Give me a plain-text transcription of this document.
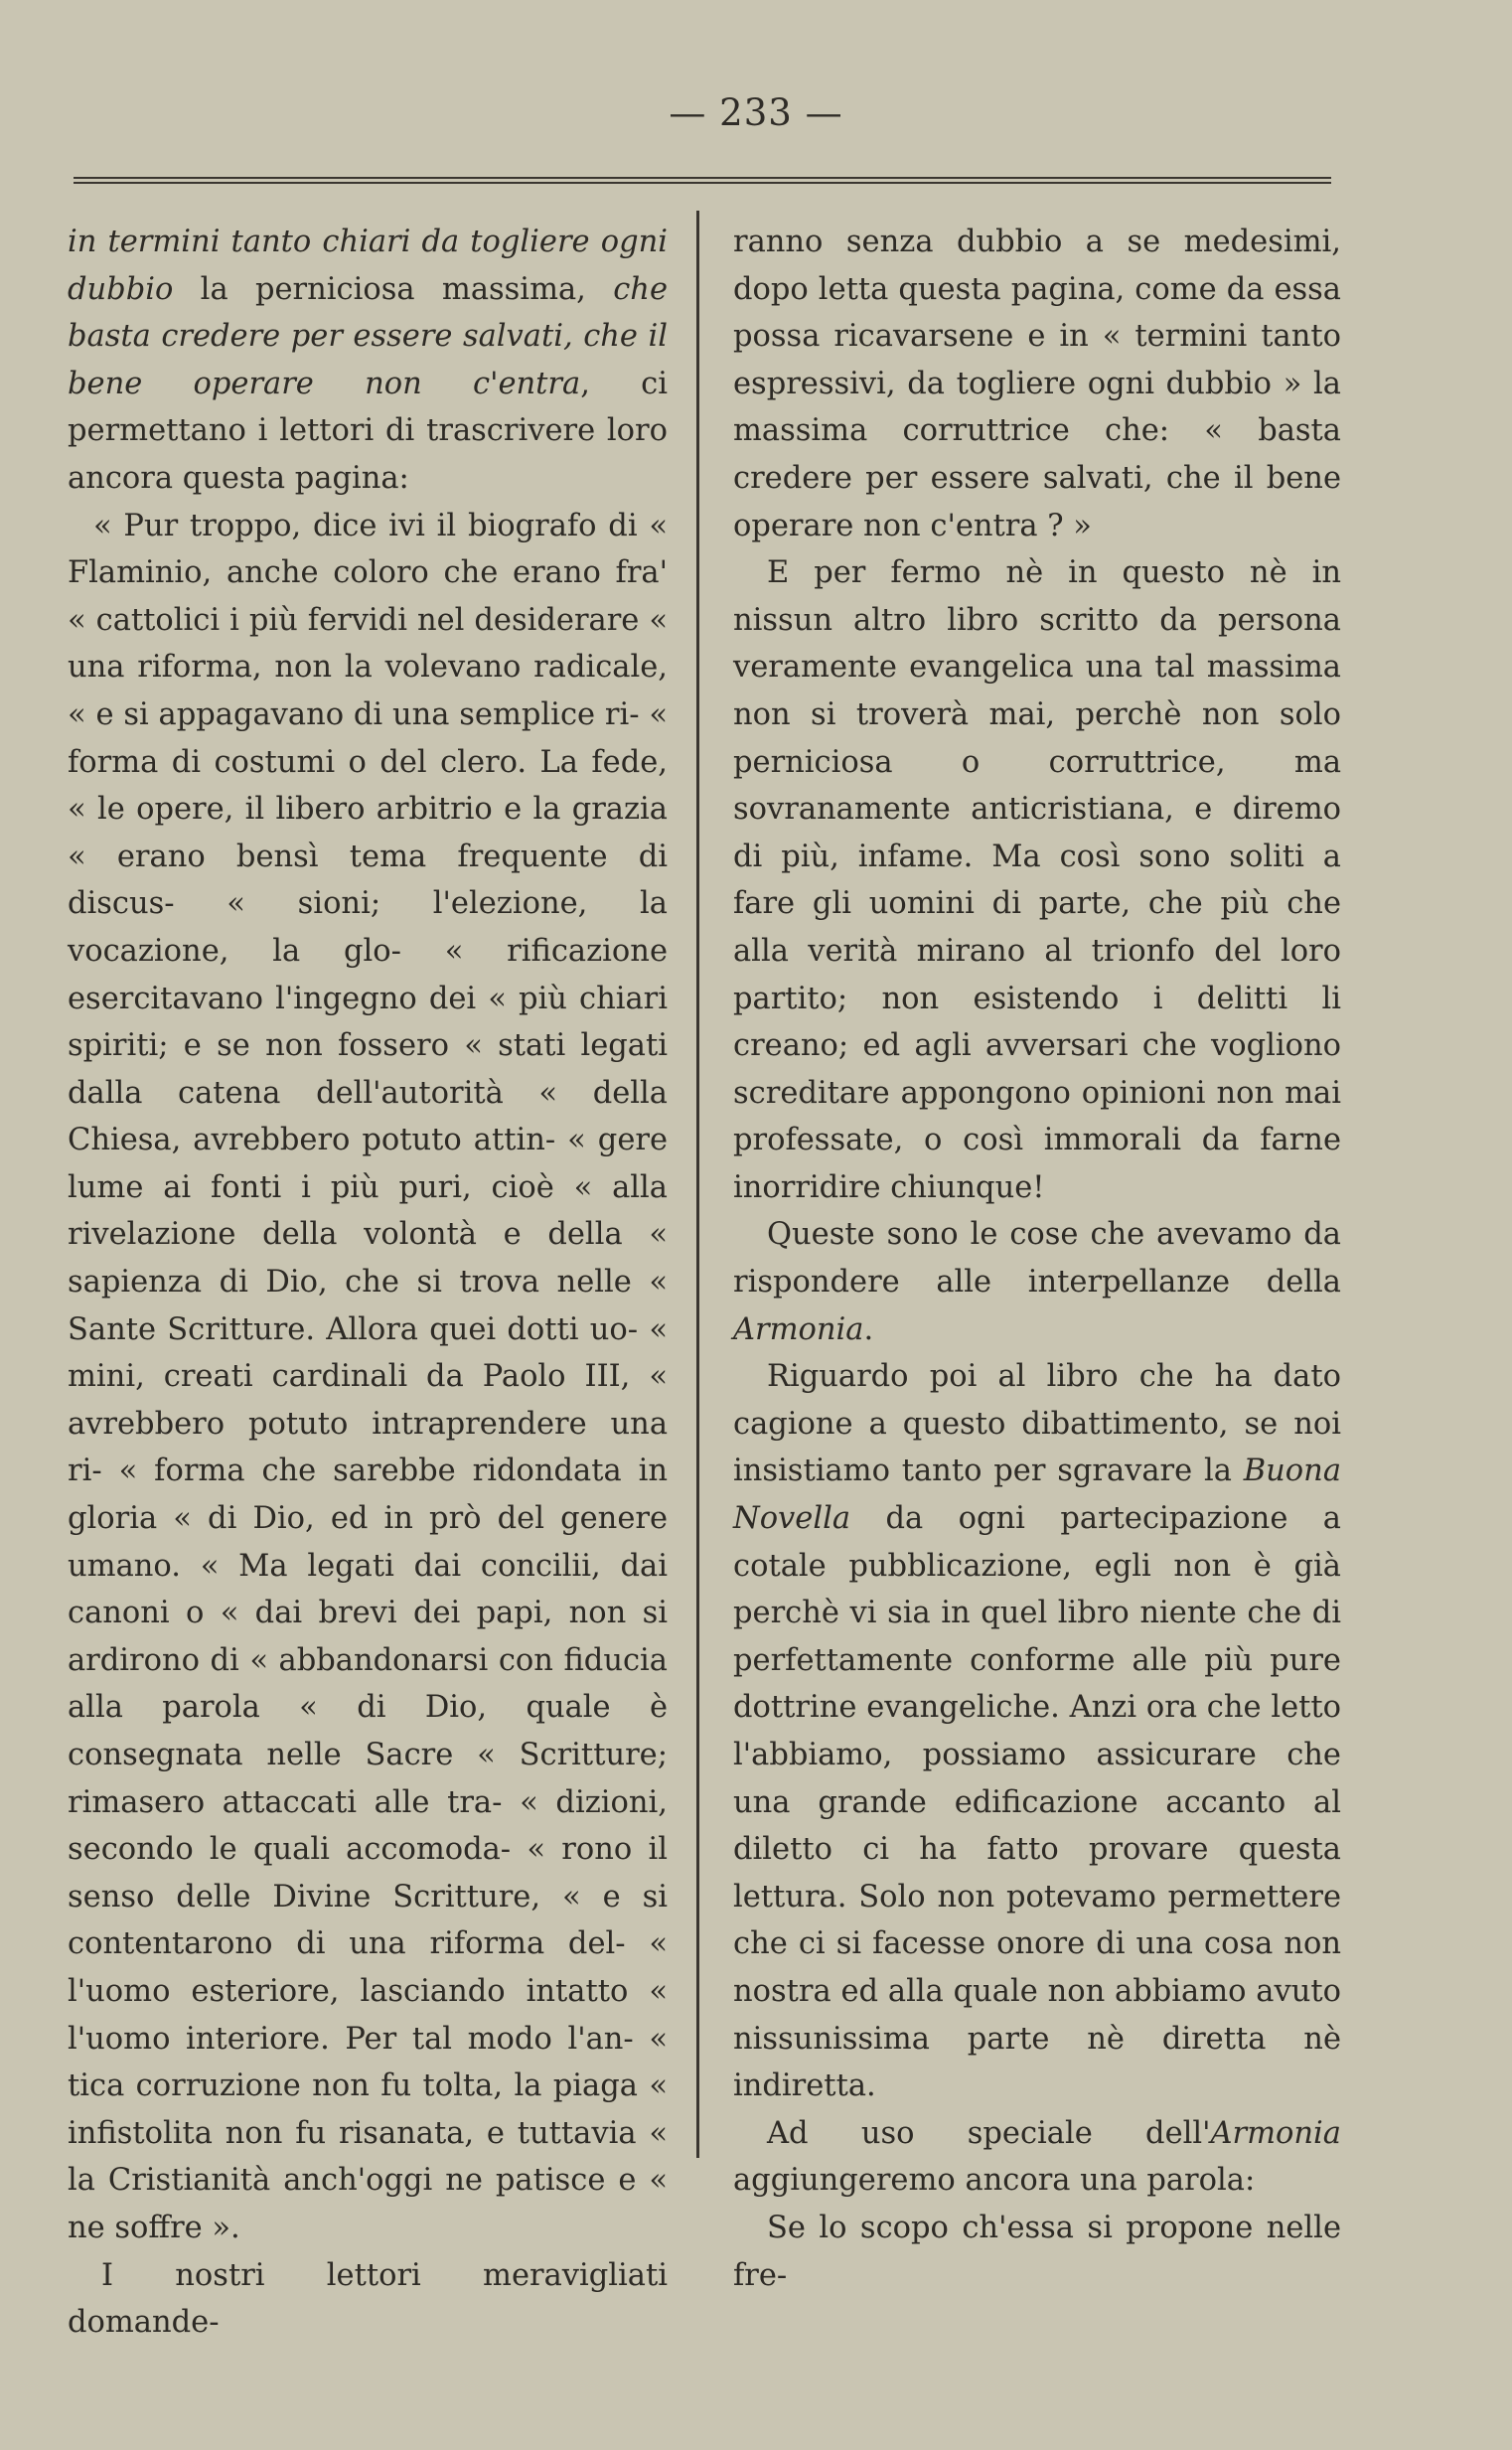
— 233 —

in termini tanto chiari da togliere ogni dubbio la perniciosa massima, che basta credere per essere salvati, che il bene operare non c'entra, ci permettano i lettori di trascrivere loro ancora questa pagina:

« Pur troppo, dice ivi il biografo di « Flaminio, anche coloro che erano fra' « cattolici i più fervidi nel desiderare « una riforma, non la volevano radicale, « e si appagavano di una semplice ri- « forma di costumi o del clero. La fede, « le opere, il libero arbitrio e la grazia « erano bensì tema frequente di discus- « sioni; l'elezione, la vocazione, la glo- « rificazione esercitavano l'ingegno dei « più chiari spiriti; e se non fossero « stati legati dalla catena dell'autorità « della Chiesa, avrebbero potuto attin- « gere lume ai fonti i più puri, cioè « alla rivelazione della volontà e della « sapienza di Dio, che si trova nelle « Sante Scritture. Allora quei dotti uo- « mini, creati cardinali da Paolo III, « avrebbero potuto intraprendere una ri- « forma che sarebbe ridondata in gloria « di Dio, ed in prò del genere umano. « Ma legati dai concilii, dai canoni o « dai brevi dei papi, non si ardirono di « abbandonarsi con fiducia alla parola « di Dio, quale è consegnata nelle Sacre « Scritture; rimasero attaccati alle tra- « dizioni, secondo le quali accomoda- « rono il senso delle Divine Scritture, « e si contentarono di una riforma del- « l'uomo esteriore, lasciando intatto « l'uomo interiore. Per tal modo l'an- « tica corruzione non fu tolta, la piaga « infistolita non fu risanata, e tuttavia « la Cristianità anch'oggi ne patisce e « ne soffre ».

I nostri lettori meravigliati domande-

ranno senza dubbio a se medesimi, dopo letta questa pagina, come da essa possa ricavarsene e in « termini tanto espressivi, da togliere ogni dubbio » la massima corruttrice che: « basta credere per essere salvati, che il bene operare non c'entra ? »

E per fermo nè in questo nè in nissun altro libro scritto da persona veramente evangelica una tal massima non si troverà mai, perchè non solo perniciosa o corruttrice, ma sovranamente anticristiana, e diremo di più, infame. Ma così sono soliti a fare gli uomini di parte, che più che alla verità mirano al trionfo del loro partito; non esistendo i delitti li creano; ed agli avversari che vogliono screditare appongono opinioni non mai professate, o così immorali da farne inorridire chiunque!

Queste sono le cose che avevamo da rispondere alle interpellanze della Armonia.

Riguardo poi al libro che ha dato cagione a questo dibattimento, se noi insistiamo tanto per sgravare la Buona Novella da ogni partecipazione a cotale pubblicazione, egli non è già perchè vi sia in quel libro niente che di perfettamente conforme alle più pure dottrine evangeliche. Anzi ora che letto l'abbiamo, possiamo assicurare che una grande edificazione accanto al diletto ci ha fatto provare questa lettura. Solo non potevamo permettere che ci si facesse onore di una cosa non nostra ed alla quale non abbiamo avuto nissunissima parte nè diretta nè indiretta.

Ad uso speciale dell'Armonia aggiungeremo ancora una parola:

Se lo scopo ch'essa si propone nelle fre-
